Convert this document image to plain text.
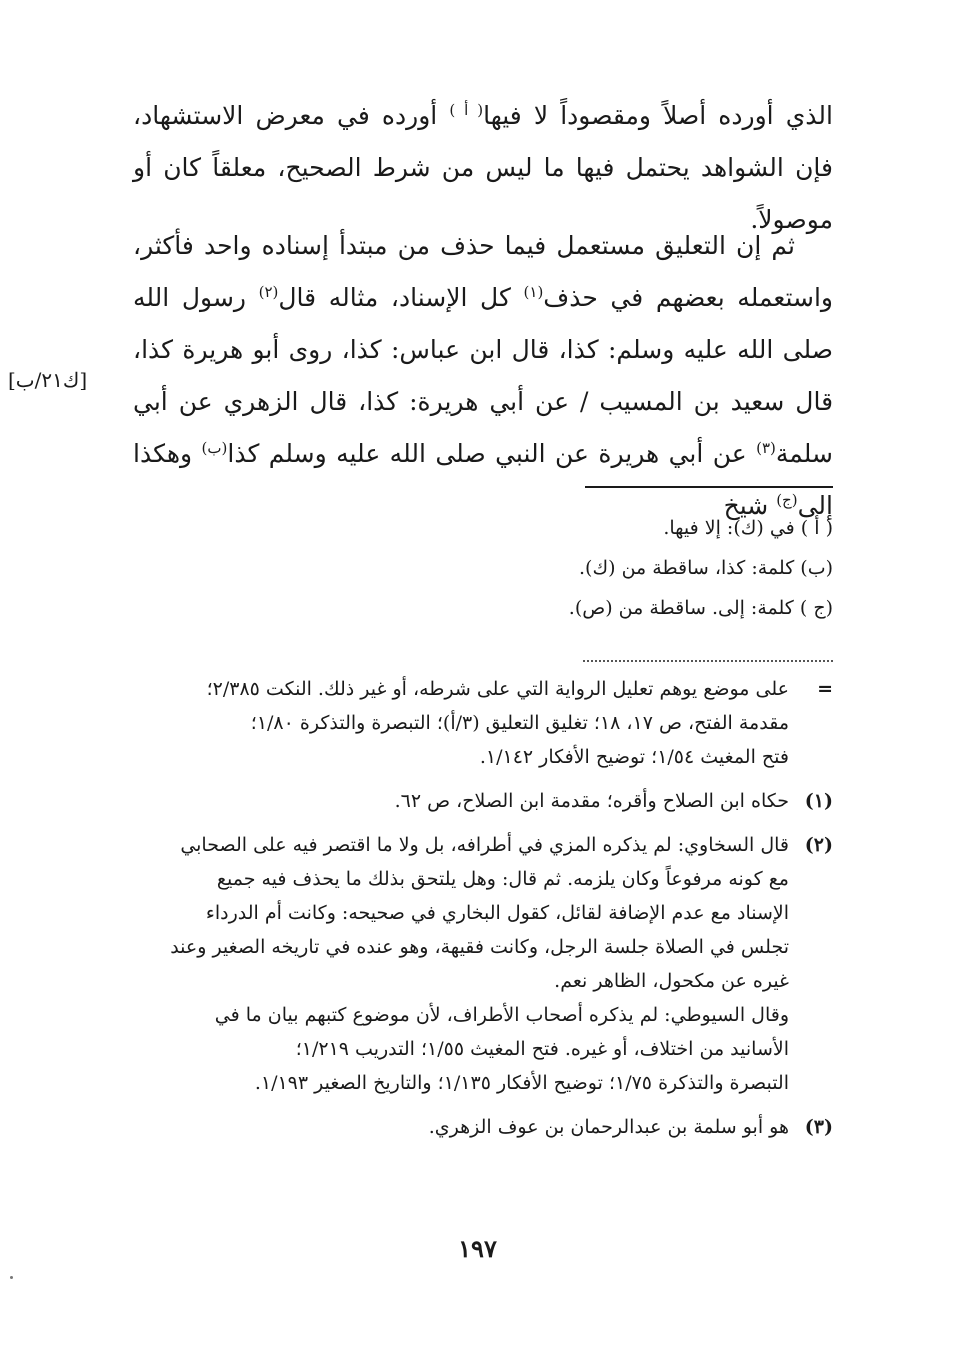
الذي أورده أصلاً ومقصوداً لا فيها$^{( أ )}$ أورده في معرض الاستشهاد، فإن الشواهد يحتمل فيها ما ليس من شرط الصحيح، معلقاً كان أو موصولاً.
ثم إن التعليق مستعمل فيما حذف من مبتدأ إسناده واحد فأكثر، واستعمله بعضهم في حذف$^{(١)}$ كل الإسناد، مثاله قال$^{(٢)}$ رسول الله صلى الله عليه وسلم: كذا، قال ابن عباس: كذا، روى أبو هريرة كذا، قال سعيد بن المسيب / عن أبي هريرة: كذا، قال الزهري عن أبي سلمة$^{(٣)}$ عن أبي هريرة عن النبي صلى الله عليه وسلم كذا$^{(ب)}$ وهكذا إلى$^{(ج)}$ شيخ
[ك٢١/ب]
( أ ) في (ك): إلا فيها.
(ب) كلمة: كذا، ساقطة من (ك).
(ج ) كلمة: إلى. ساقطة من (ص).
=
على موضع يوهم تعليل الرواية التي على شرطه، أو غير ذلك. النكت ٢/٣٨٥؛
مقدمة الفتح، ص ١٧، ١٨؛ تغليق التعليق (٣/أ)؛ التبصرة والتذكرة ١/٨٠؛
فتح المغيث ١/٥٤؛ توضيح الأفكار ١/١٤٢.
(١)
حكاه ابن الصلاح وأقره؛ مقدمة ابن الصلاح، ص ٦٢.
(٢)
قال السخاوي: لم يذكره المزي في أطرافه، بل ولا ما اقتصر فيه على الصحابي
مع كونه مرفوعاً وكان يلزمه. ثم قال: وهل يلتحق بذلك ما يحذف فيه جميع
الإسناد مع عدم الإضافة لقائل، كقول البخاري في صحيحه: وكانت أم الدرداء
تجلس في الصلاة جلسة الرجل، وكانت فقيهة، وهو عنده في تاريخه الصغير وعند
غيره عن مكحول، الظاهر نعم.
وقال السيوطي: لم يذكره أصحاب الأطراف، لأن موضوع كتبهم بيان ما في
الأسانيد من اختلاف، أو غيره. فتح المغيث ١/٥٥؛ التدريب ١/٢١٩؛
التبصرة والتذكرة ١/٧٥؛ توضيح الأفكار ١/١٣٥؛ والتاريخ الصغير ١/١٩٣.
(٣)
هو أبو سلمة بن عبدالرحمان بن عوف الزهري.
١٩٧
